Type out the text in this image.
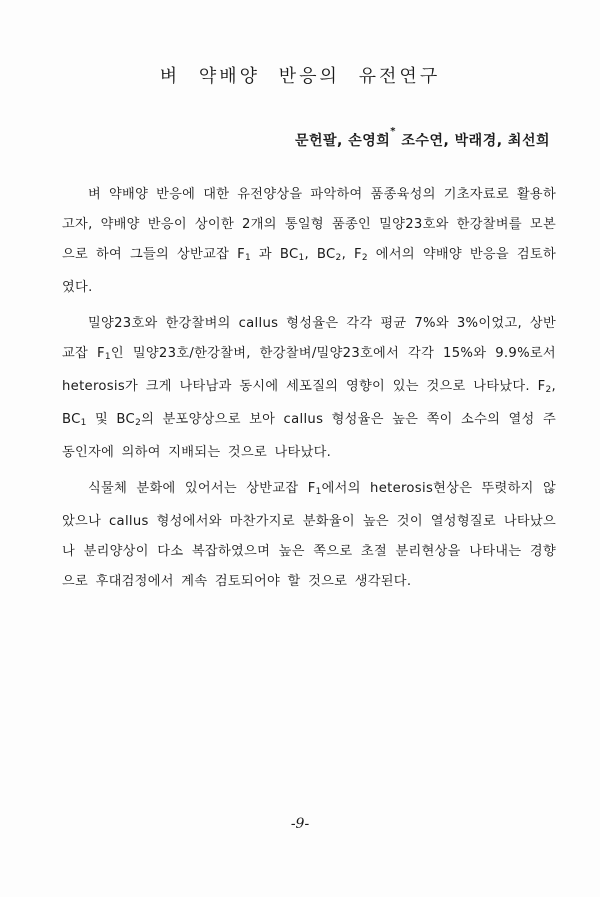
벼 약배양 반응의 유전연구
문헌팔, 손영희* 조수연, 박래경, 최선희

벼 약배양 반응에 대한 유전양상을 파악하여 품종육성의 기초자료로 활용하고자, 약배양 반응이 상이한 2개의 통일형 품종인 밀양23호와 한강찰벼를 모본으로 하여 그들의 상반교잡 $F_1$ 과 $BC_1$, $BC_2$, $F_2$ 에서의 약배양 반응을 검토하였다.

밀양23호와 한강찰벼의 callus 형성율은 각각 평균 7%와 3%이었고, 상반교잡 $F_1$인 밀양23호/한강찰벼, 한강찰벼/밀양23호에서 각각 15%와 9.9%로서 heterosis가 크게 나타남과 동시에 세포질의 영향이 있는 것으로 나타났다. $F_2$, $BC_1$ 및 $BC_2$의 분포양상으로 보아 callus 형성율은 높은 쪽이 소수의 열성 주동인자에 의하여 지배되는 것으로 나타났다.

식물체 분화에 있어서는 상반교잡 $F_1$에서의 heterosis현상은 뚜렷하지 않았으나 callus 형성에서와 마찬가지로 분화율이 높은 것이 열성형질로 나타났으나 분리양상이 다소 복잡하였으며 높은 쪽으로 초절 분리현상을 나타내는 경향으로 후대검정에서 계속 검토되어야 할 것으로 생각된다.

-9-
